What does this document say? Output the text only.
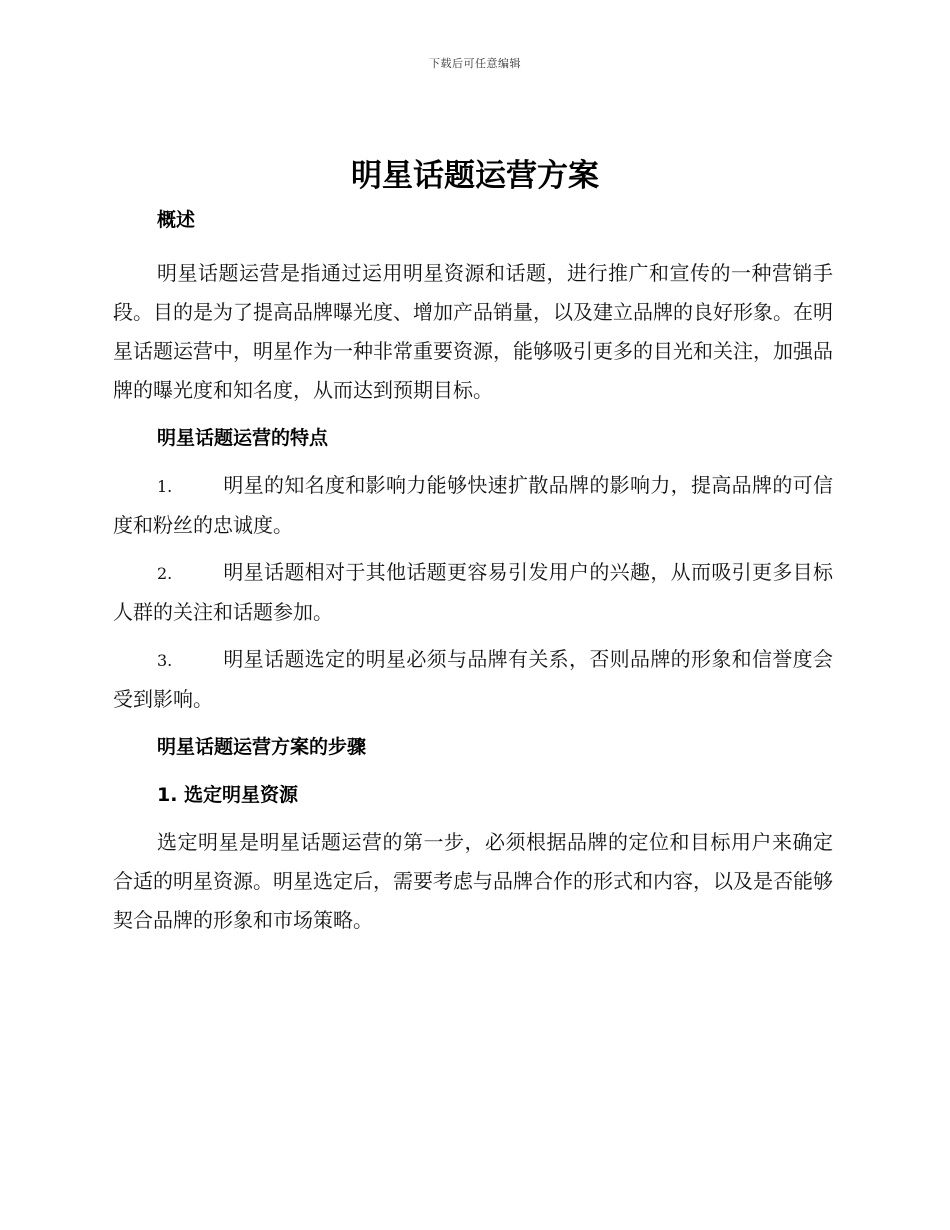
下载后可任意编辑
明星话题运营方案

概述

明星话题运营是指通过运用明星资源和话题，进行推广和宣传的一种营销手段。目的是为了提高品牌曝光度、增加产品销量，以及建立品牌的良好形象。在明星话题运营中，明星作为一种非常重要资源，能够吸引更多的目光和关注，加强品牌的曝光度和知名度，从而达到预期目标。

明星话题运营的特点

1.	明星的知名度和影响力能够快速扩散品牌的影响力，提高品牌的可信度和粉丝的忠诚度。

2.	明星话题相对于其他话题更容易引发用户的兴趣，从而吸引更多目标人群的关注和话题参加。

3.	明星话题选定的明星必须与品牌有关系，否则品牌的形象和信誉度会受到影响。

明星话题运营方案的步骤

1. 选定明星资源

选定明星是明星话题运营的第一步，必须根据品牌的定位和目标用户来确定合适的明星资源。明星选定后，需要考虑与品牌合作的形式和内容，以及是否能够契合品牌的形象和市场策略。
